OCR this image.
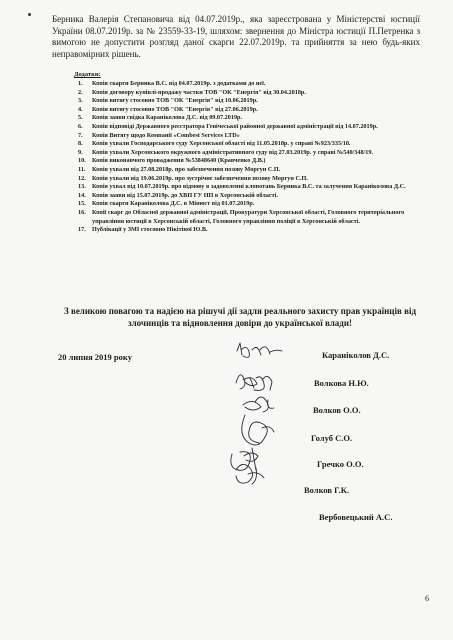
Берника Валерія Степановича від 04.07.2019р., яка зареєстрована у Міністерстві юстиції України 08.07.2019р. за № 23559-33-19, шляхом: звернення до Міністра юстиції П.Петренка з вимогою не допустити розгляд даної скарги 22.07.2019р. та прийняття за нею будь-яких неправомірних рішень.

Додатки:

1. Копія скарги Берника В.С. від 04.07.2019р. з додатками до неї.
2. Копія договору купівлі-продажу частки ТОВ "ОК "Енергія" від 30.04.2018р.
3. Копія витягу стосовно ТОВ "ОК "Енергія" від 10.06.2019р.
4. Копія витягу стосовно ТОВ "ОК "Енергія" від 27.06.2019р.
5. Копія заяви свідка Караніколова Д.С. від 09.07.2019р.
6. Копія відповіді Державного реєстратора Генічеської районної державної адміністрації від 14.07.2019р.
7. Копія Витягу щодо Компанії «Combest Services LTD»
8. Копія ухвали Господарського суду Херсонської області від 11.05.2018р. у справі №923/335/18.
9. Копія ухвали Херсонського окружного адміністративного суду від 27.03.2019р. у справі №540/348/19.
10. Копія виконавчого провадження №53848640 (Кравченко Д.В.)
11. Копія ухвали від 27.08.2018р. про забезпечення позову Моргун С.П.
12. Копія ухвали від 19.06.2019р. про зустрічне забезпечення позову Моргун С.П.
13. Копія ухвал від 10.07.2019р. про відмову в задоволенні клопотань Берника В.С. та залучення Караніколова Д.С.
14. Копія заяви від 15.07.2019р. до ХВП ГУ НП в Херсонській області.
15. Копія скарги Караніколова Д.С. в Мінюст від 01.07.2019р.
16. Копії скарг до Обласної державної адміністрації, Прокуратури Херсонської області, Головного територіального управління юстиції в Херсонській області, Головного управління поліції в Херсонській області.
17. Публікації у ЗМІ стосовно Нікітіної Ю.В.

З великою повагою та надією на рішучі дії задля реального захисту прав українців від злочинців та відновлення довіри до української влади!

20 липня 2019 року	Караніколов Д.С.
Волкова Н.Ю.
Волков О.О.
Голуб С.О.
Гречко О.О.
Волков Г.К.
Вербовецький А.С.
6
